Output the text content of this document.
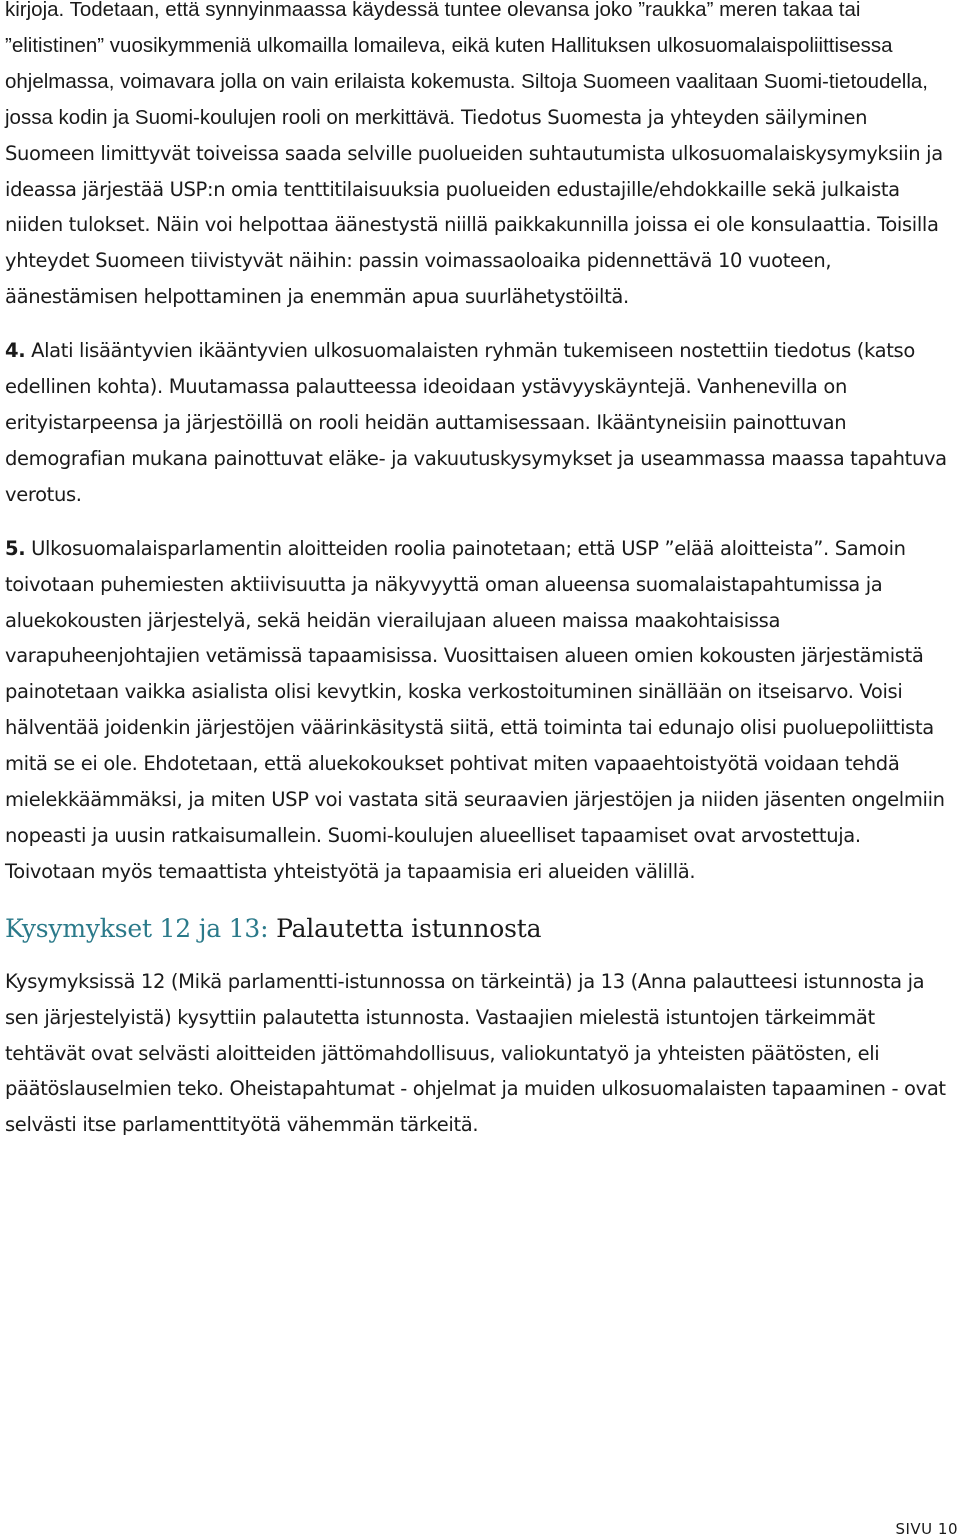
kirjoja. Todetaan, että synnyinmaassa käydessä tuntee olevansa joko ”raukka” meren takaa tai ”elitistinen” vuosikymmeniä ulkomailla lomaileva, eikä kuten Hallituksen ulkosuomalaispoliittisessa ohjelmassa, voimavara jolla on vain erilaista kokemusta. Siltoja Suomeen vaalitaan Suomi-tietoudella, jossa kodin ja Suomi-koulujen rooli on merkittävä. Tiedotus Suomesta ja yhteyden säilyminen Suomeen limittyvät toiveissa saada selville puolueiden suhtautumista ulkosuomalaiskysymyksiin ja ideassa järjestää USP:n omia tenttitilaisuuksia puolueiden edustajille/ehdokkaille sekä julkaista niiden tulokset. Näin voi helpottaa äänestystä niillä paikkakunnilla joissa ei ole konsulaattia. Toisilla yhteydet Suomeen tiivistyvät näihin: passin voimassaoloaika pidennettävä 10 vuoteen, äänestämisen helpottaminen ja enemmän apua suurlähetystöiltä.

4. Alati lisääntyvien ikääntyvien ulkosuomalaisten ryhmän tukemiseen nostettiin tiedotus (katso edellinen kohta). Muutamassa palautteessa ideoidaan ystävyyskäyntejä. Vanhenevilla on erityistarpeensa ja järjestöillä on rooli heidän auttamisessaan. Ikääntyneisiin painottuvan demografian mukana painottuvat eläke- ja vakuutuskysymykset ja useammassa maassa tapahtuva verotus.

5. Ulkosuomalaisparlamentin aloitteiden roolia painotetaan; että USP ”elää aloitteista”. Samoin toivotaan puhemiesten aktiivisuutta ja näkyvyyttä oman alueensa suomalaistapahtumissa ja aluekokousten järjestelyä, sekä heidän vierailujaan alueen maissa maakohtaisissa varapuheenjohtajien vetämissä tapaamisissa. Vuosittaisen alueen omien kokousten järjestämistä painotetaan vaikka asialista olisi kevytkin, koska verkostoituminen sinällään on itseisarvo. Voisi hälventää joidenkin järjestöjen väärinkäsitystä siitä, että toiminta tai edunajo olisi puoluepoliittista mitä se ei ole. Ehdotetaan, että aluekokoukset pohtivat miten vapaaehtoistyötä voidaan tehdä mielekkäämmäksi, ja miten USP voi vastata sitä seuraavien järjestöjen ja niiden jäsenten ongelmiin nopeasti ja uusin ratkaisumallein. Suomi-koulujen alueelliset tapaamiset ovat arvostettuja. Toivotaan myös temaattista yhteistyötä ja tapaamisia eri alueiden välillä.

Kysymykset 12 ja 13: Palautetta istunnosta

Kysymyksissä 12 (Mikä parlamentti-istunnossa on tärkeintä) ja 13 (Anna palautteesi istunnosta ja sen järjestelyistä) kysyttiin palautetta istunnosta. Vastaajien mielestä istuntojen tärkeimmät tehtävät ovat selvästi aloitteiden jättömahdollisuus, valiokuntatyö ja yhteisten päätösten, eli päätöslauselmien teko. Oheistapahtumat - ohjelmat ja muiden ulkosuomalaisten tapaaminen - ovat selvästi itse parlamenttityötä vähemmän tärkeitä.

SIVU 10
